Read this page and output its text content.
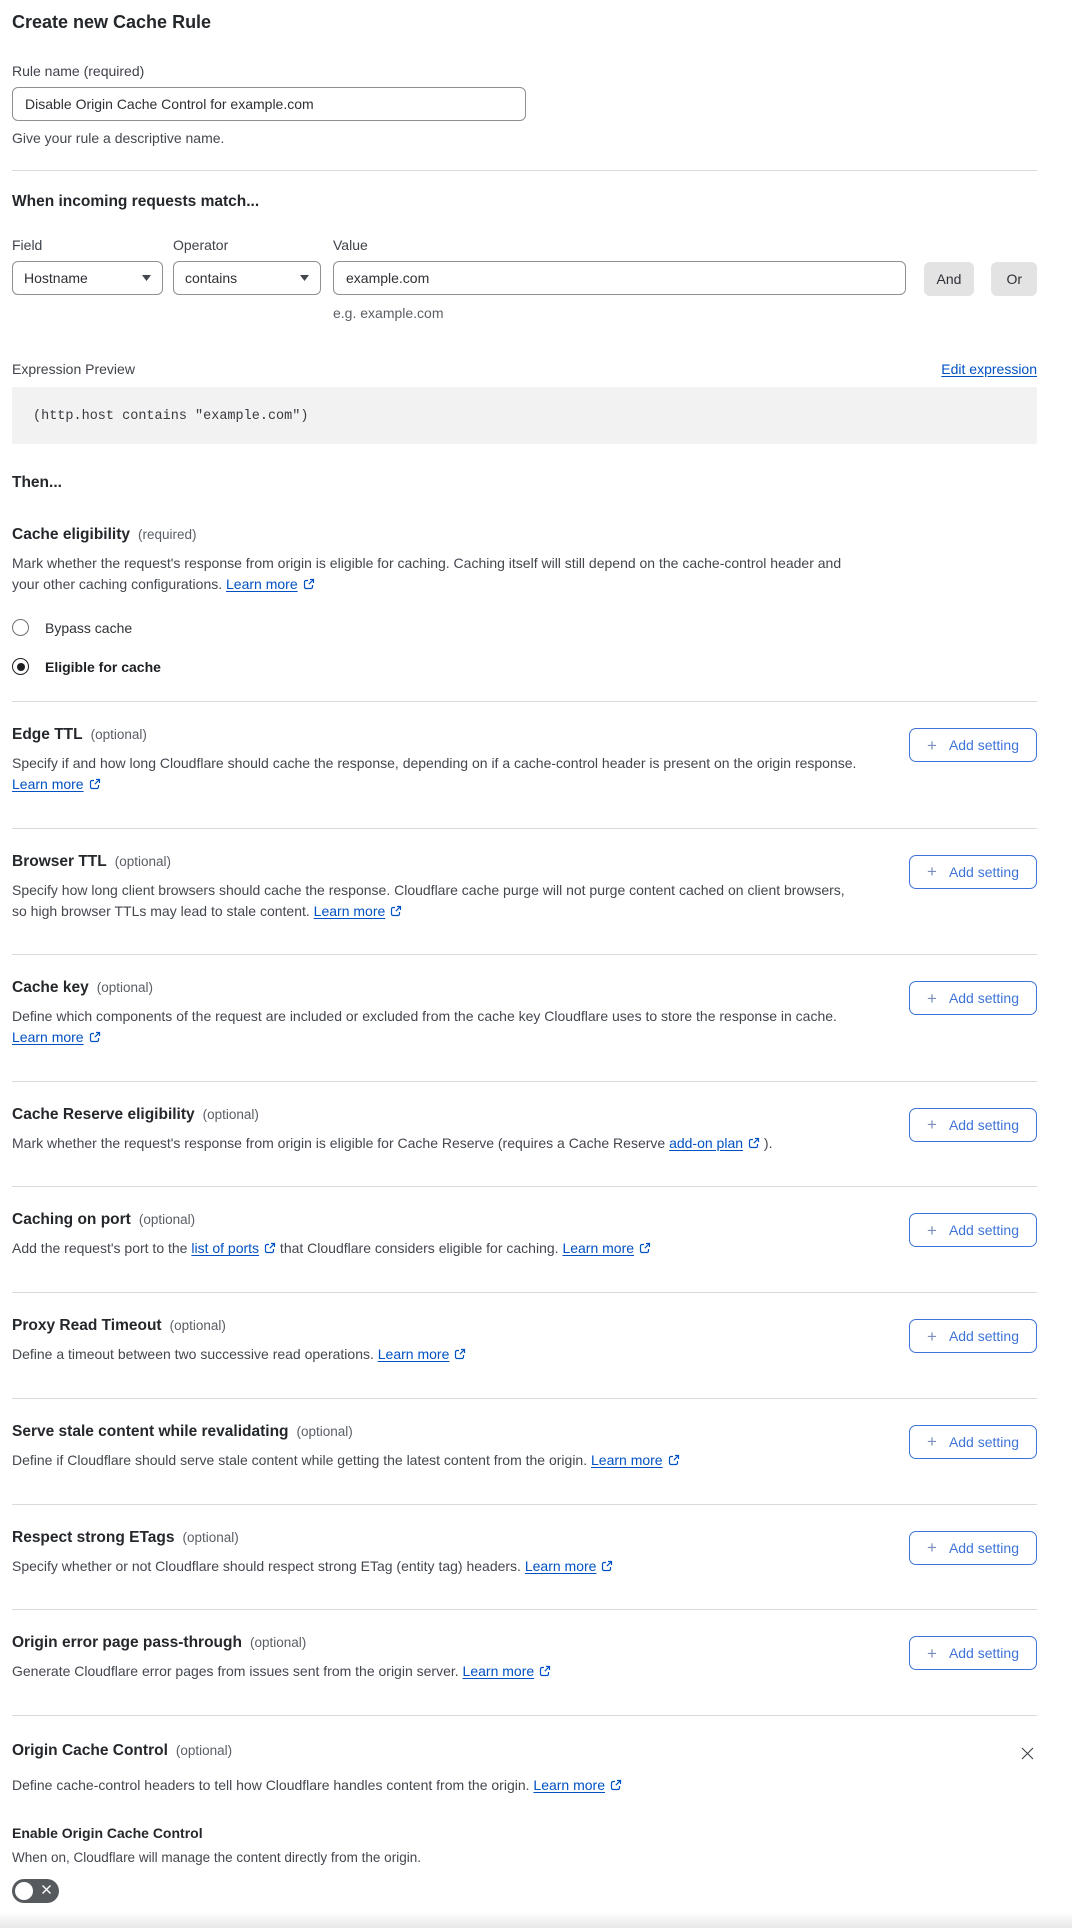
Create new Cache Rule
Rule name (required)
Disable Origin Cache Control for example.com
Give your rule a descriptive name.
When incoming requests match...
Field
Hostname
Operator
contains
Value
example.com
e.g. example.com
And	Or
Expression Preview	Edit expression
(http.host contains "example.com")
Then...
Cache eligibility (required)

Mark whether the request's response from origin is eligible for caching. Caching itself will still depend on the cache-control header and your other caching configurations. Learn more

Bypass cache
Eligible for cache
Edge TTL (optional)

Specify if and how long Cloudflare should cache the response, depending on if a cache-control header is present on the origin response. Learn more

+ Add setting
Browser TTL (optional)

Specify how long client browsers should cache the response. Cloudflare cache purge will not purge content cached on client browsers, so high browser TTLs may lead to stale content. Learn more

+ Add setting
Cache key (optional)

Define which components of the request are included or excluded from the cache key Cloudflare uses to store the response in cache. Learn more

+ Add setting
Cache Reserve eligibility (optional)

Mark whether the request's response from origin is eligible for Cache Reserve (requires a Cache Reserve add-on plan ).

+ Add setting
Caching on port (optional)

Add the request's port to the list of ports that Cloudflare considers eligible for caching. Learn more

+ Add setting
Proxy Read Timeout (optional)

Define a timeout between two successive read operations. Learn more

+ Add setting
Serve stale content while revalidating (optional)

Define if Cloudflare should serve stale content while getting the latest content from the origin. Learn more

+ Add setting
Respect strong ETags (optional)

Specify whether or not Cloudflare should respect strong ETag (entity tag) headers. Learn more

+ Add setting
Origin error page pass-through (optional)

Generate Cloudflare error pages from issues sent from the origin server. Learn more

+ Add setting
Origin Cache Control (optional)

Define cache-control headers to tell how Cloudflare handles content from the origin. Learn more

Enable Origin Cache Control
When on, Cloudflare will manage the content directly from the origin.
